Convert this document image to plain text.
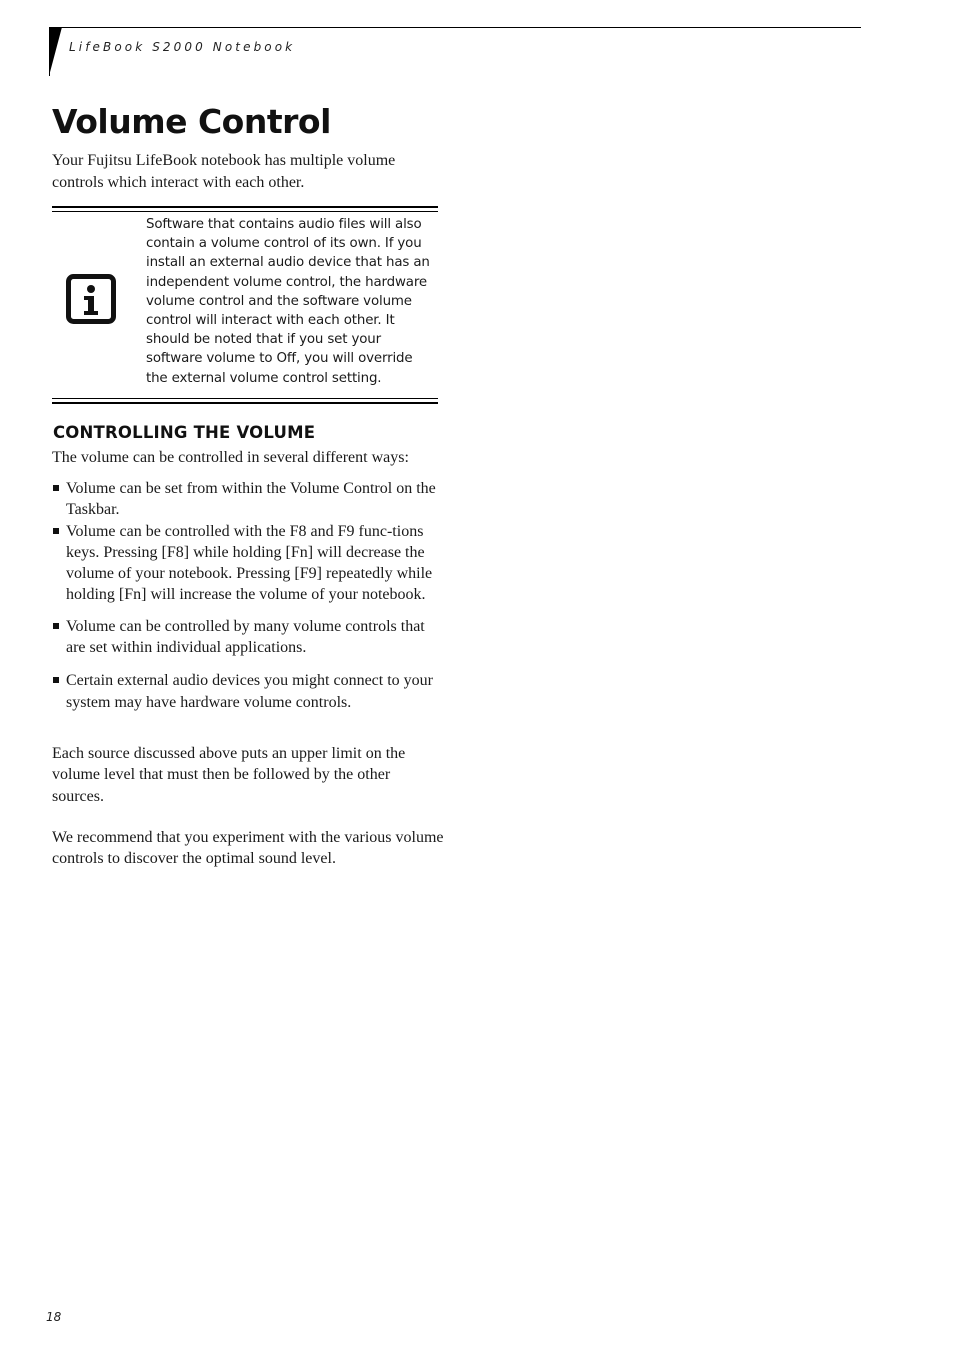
LifeBook S2000 Notebook
Volume Control

Your Fujitsu LifeBook notebook has multiple volume controls which interact with each other.

Software that contains audio files will also contain a volume control of its own. If you install an external audio device that has an independent volume control, the hardware volume control and the software volume control will interact with each other. It should be noted that if you set your software volume to Off, you will override the external volume control setting.

CONTROLLING THE VOLUME

The volume can be controlled in several different ways:

Volume can be set from within the Volume Control on the Taskbar.
Volume can be controlled with the F8 and F9 func-tions keys. Pressing [F8] while holding [Fn] will decrease the volume of your notebook. Pressing [F9] repeatedly while holding [Fn] will increase the volume of your notebook.
Volume can be controlled by many volume controls that are set within individual applications.
Certain external audio devices you might connect to your system may have hardware volume controls.

Each source discussed above puts an upper limit on the volume level that must then be followed by the other sources.

We recommend that you experiment with the various volume controls to discover the optimal sound level.

18
